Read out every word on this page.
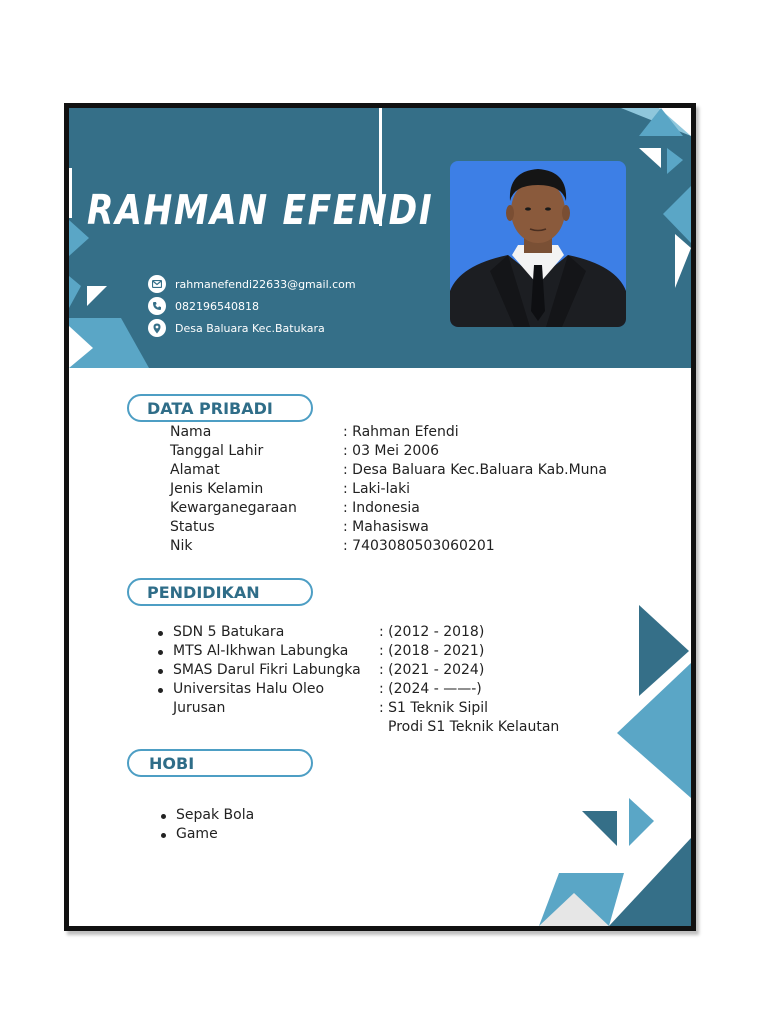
RAHMAN EFENDI
rahmanefendi22633@gmail.com
082196540818
Desa Baluara Kec.Batukara
DATA PRIBADI
Nama	: Rahman Efendi
Tanggal Lahir	: 03 Mei 2006
Alamat	: Desa Baluara Kec.Baluara Kab.Muna
Jenis Kelamin	: Laki-laki
Kewarganegaraan	: Indonesia
Status	: Mahasiswa
Nik	: 7403080503060201
PENDIDIKAN
SDN 5 Batukara	: (2012 - 2018)
MTS Al-Ikhwan Labungka : (2018 - 2021)
SMAS Darul Fikri Labungka : (2021 - 2024)
Universitas Halu Oleo	: (2024 - ——-)
Jurusan	: S1 Teknik Sipil
Prodi S1 Teknik Kelautan
HOBI
Sepak Bola
Game
